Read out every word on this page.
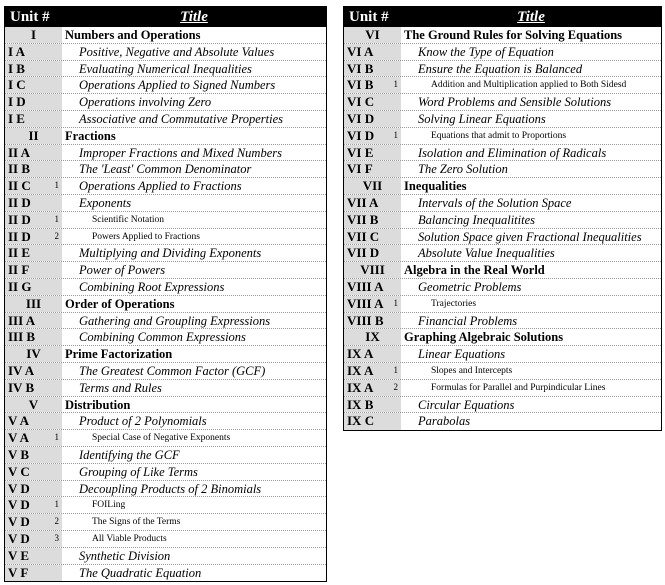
Unit #	Title
I	Numbers and Operations
I A	Positive, Negative and Absolute Values
I B	Evaluating Numerical Inequalities
I C	Operations Applied to Signed Numbers
I D	Operations involving Zero
I E	Associative and Commutative Properties
II	Fractions
II A	Improper Fractions and Mixed Numbers
II B	The 'Least' Common Denominator
II C	1	Operations Applied to Fractions
II D	Exponents
II D	1	Scientific Notation
II D	2	Powers Applied to Fractions
II E	Multiplying and Dividing Exponents
II F	Power of Powers
II G	Combining Root Expressions
III	Order of Operations
III A	Gathering and Groupling Expressions
III B	Combining Common Expressions
IV	Prime Factorization
IV A	The Greatest Common Factor (GCF)
IV B	Terms and Rules
V	Distribution
V A	Product of 2 Polynomials
V A	1	Special Case of Negative Exponents
V B	Identifying the GCF
V C	Grouping of Like Terms
V D	Decoupling Products of 2 Binomials
V D	1	FOILing
V D	2	The Signs of the Terms
V D	3	All Viable Products
V E	Synthetic Division
V F	The Quadratic Equation
Unit #	Title
VI	The Ground Rules for Solving Equations
VI A	Know the Type of Equation
VI B	Ensure the Equation is Balanced
VI B 1	Addition and Multiplication applied to Both Sidesd
VI C	Word Problems and Sensible Solutions
VI D	Solving Linear Equations
VI D 1	Equations that admit to Proportions
VI E	Isolation and Elimination of Radicals
VI F	The Zero Solution
VII	Inequalities
VII A	Intervals of the Solution Space
VII B	Balancing Inequalitites
VII C	Solution Space given Fractional Inequalities
VII D	Absolute Value Inequalities
VIII	Algebra in the Real World
VIII A	Geometric Problems
VIII A 1	Trajectories
VIII B	Financial Problems
IX	Graphing Algebraic Solutions
IX A	Linear Equations
IX A 1	Slopes and Intercepts
IX A 2	Formulas for Parallel and Purpindicular Lines
IX B	Circular Equations
IX C	Parabolas
